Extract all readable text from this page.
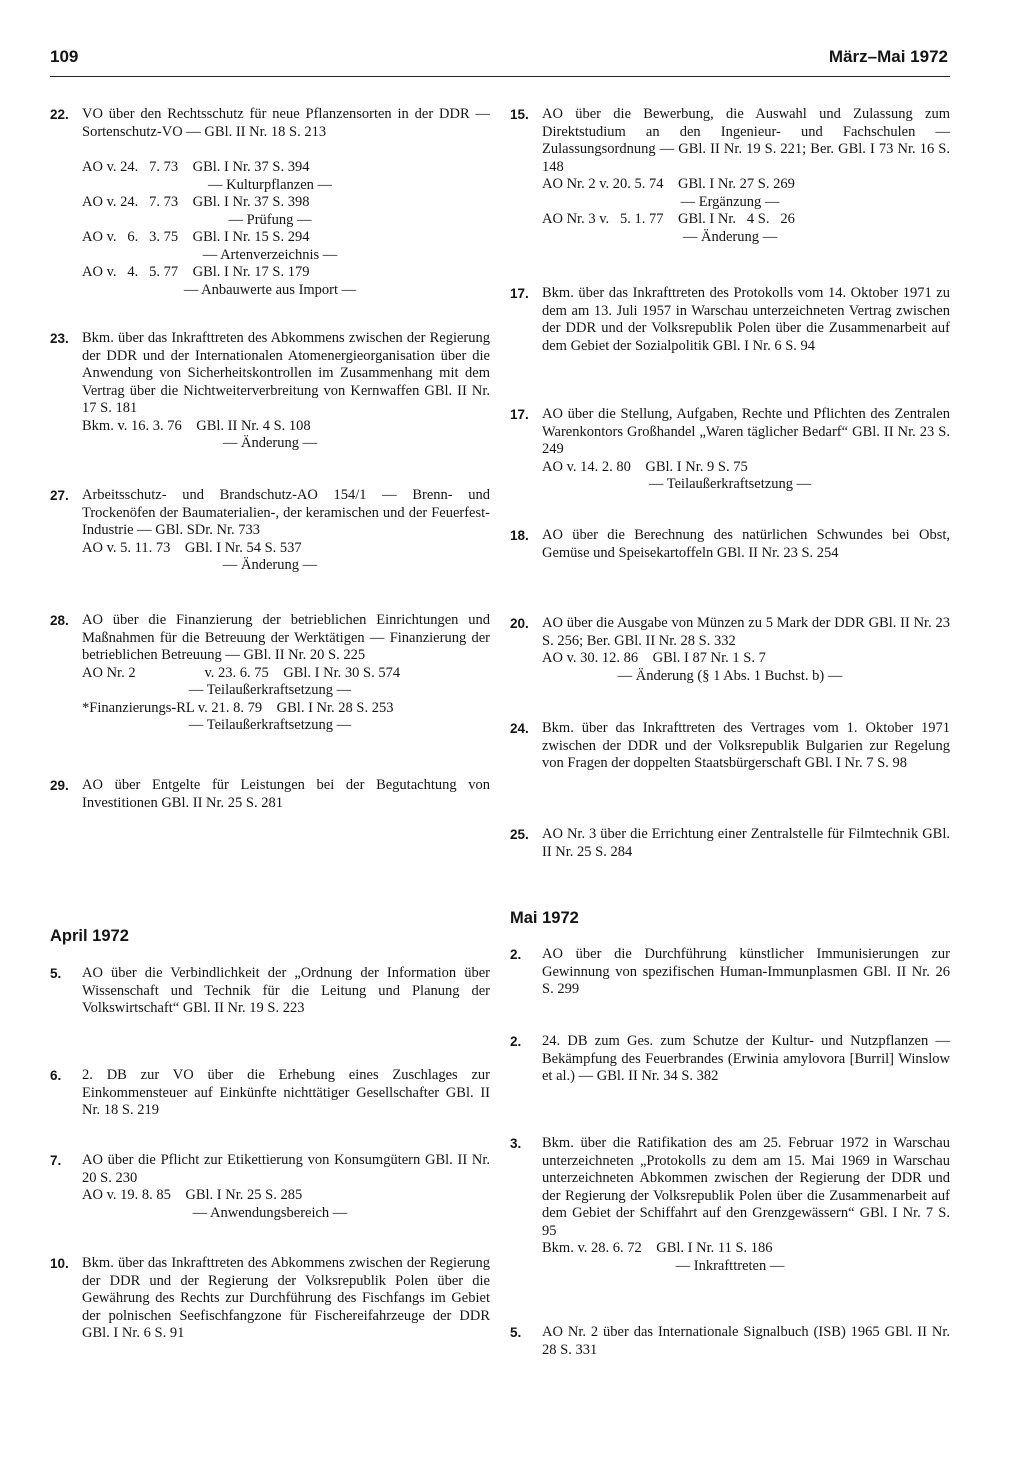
109	März–Mai 1972
22. VO über den Rechtsschutz für neue Pflanzensorten in der DDR — Sortenschutz-VO — GBl. II Nr. 18 S. 213
AO v. 24.   7. 73    GBl. I Nr. 37 S. 394
— Kulturpflanzen —
AO v. 24.   7. 73    GBl. I Nr. 37 S. 398
— Prüfung —
AO v.   6.   3. 75    GBl. I Nr. 15 S. 294
— Artenverzeichnis —
AO v.   4.   5. 77    GBl. I Nr. 17 S. 179
— Anbauwerte aus Import —
23. Bkm. über das Inkrafttreten des Abkommens zwischen der Regierung der DDR und der Internationalen Atomenergieorganisation über die Anwendung von Sicherheitskontrollen im Zusammenhang mit dem Vertrag über die Nichtweiterverbreitung von Kernwaffen GBl. II Nr. 17 S. 181
Bkm. v. 16. 3. 76    GBl. II Nr. 4 S. 108
— Änderung —
27. Arbeitsschutz- und Brandschutz-AO 154/1 — Brenn- und Trockenöfen der Baumaterialien-, der keramischen und der Feuerfest-Industrie — GBl. SDr. Nr. 733
AO v. 5. 11. 73    GBl. I Nr. 54 S. 537
— Änderung —
28. AO über die Finanzierung der betrieblichen Einrichtungen und Maßnahmen für die Betreuung der Werktätigen — Finanzierung der betrieblichen Betreuung — GBl. II Nr. 20 S. 225
AO Nr. 2                   v. 23. 6. 75    GBl. I Nr. 30 S. 574
— Teilaußerkraftsetzung —
*Finanzierungs-RL v. 21. 8. 79    GBl. I Nr. 28 S. 253
— Teilaußerkraftsetzung —
29. AO über Entgelte für Leistungen bei der Begutachtung von Investitionen GBl. II Nr. 25 S. 281
April 1972
5.	AO über die Verbindlichkeit der „Ordnung der Information über Wissenschaft und Technik für die Leitung und Planung der Volkswirtschaft“ GBl. II Nr. 19 S. 223
6.	2. DB zur VO über die Erhebung eines Zuschlages zur Einkommensteuer auf Einkünfte nichttätiger Gesellschafter GBl. II Nr. 18 S. 219
7.	AO über die Pflicht zur Etikettierung von Konsumgütern GBl. II Nr. 20 S. 230
AO v. 19. 8. 85    GBl. I Nr. 25 S. 285
— Anwendungsbereich —
10. Bkm. über das Inkrafttreten des Abkommens zwischen der Regierung der DDR und der Regierung der Volksrepublik Polen über die Gewährung des Rechts zur Durchführung des Fischfangs im Gebiet der polnischen Seefischfangzone für Fischereifahrzeuge der DDR GBl. I Nr. 6 S. 91
15. AO über die Bewerbung, die Auswahl und Zulassung zum Direktstudium an den Ingenieur- und Fachschulen — Zulassungsordnung — GBl. II Nr. 19 S. 221; Ber. GBl. I 73 Nr. 16 S. 148
AO Nr. 2 v. 20. 5. 74    GBl. I Nr. 27 S. 269
— Ergänzung —
AO Nr. 3 v.   5. 1. 77    GBl. I Nr.   4 S.   26
— Änderung —
17. Bkm. über das Inkrafttreten des Protokolls vom 14. Oktober 1971 zu dem am 13. Juli 1957 in Warschau unterzeichneten Vertrag zwischen der DDR und der Volksrepublik Polen über die Zusammenarbeit auf dem Gebiet der Sozialpolitik GBl. I Nr. 6 S. 94
17. AO über die Stellung, Aufgaben, Rechte und Pflichten des Zentralen Warenkontors Großhandel „Waren täglicher Bedarf“ GBl. II Nr. 23 S. 249
AO v. 14. 2. 80    GBl. I Nr. 9 S. 75
— Teilaußerkraftsetzung —
18. AO über die Berechnung des natürlichen Schwundes bei Obst, Gemüse und Speisekartoffeln GBl. II Nr. 23 S. 254
20. AO über die Ausgabe von Münzen zu 5 Mark der DDR GBl. II Nr. 23 S. 256; Ber. GBl. II Nr. 28 S. 332
AO v. 30. 12. 86    GBl. I 87 Nr. 1 S. 7
— Änderung (§ 1 Abs. 1 Buchst. b) —
24. Bkm. über das Inkrafttreten des Vertrages vom 1. Oktober 1971 zwischen der DDR und der Volksrepublik Bulgarien zur Regelung von Fragen der doppelten Staatsbürgerschaft GBl. I Nr. 7 S. 98
25. AO Nr. 3 über die Errichtung einer Zentralstelle für Filmtechnik GBl. II Nr. 25 S. 284
Mai 1972
2.	AO über die Durchführung künstlicher Immunisierungen zur Gewinnung von spezifischen Human-Immunplasmen GBl. II Nr. 26 S. 299
2.	24. DB zum Ges. zum Schutze der Kultur- und Nutzpflanzen — Bekämpfung des Feuerbrandes (Erwinia amylovora [Burril] Winslow et al.) — GBl. II Nr. 34 S. 382
3.	Bkm. über die Ratifikation des am 25. Februar 1972 in Warschau unterzeichneten „Protokolls zu dem am 15. Mai 1969 in Warschau unterzeichneten Abkommen zwischen der Regierung der DDR und der Regierung der Volksrepublik Polen über die Zusammenarbeit auf dem Gebiet der Schiffahrt auf den Grenzgewässern“ GBl. I Nr. 7 S. 95
Bkm. v. 28. 6. 72    GBl. I Nr. 11 S. 186
— Inkrafttreten —
5.	AO Nr. 2 über das Internationale Signalbuch (ISB) 1965 GBl. II Nr. 28 S. 331
